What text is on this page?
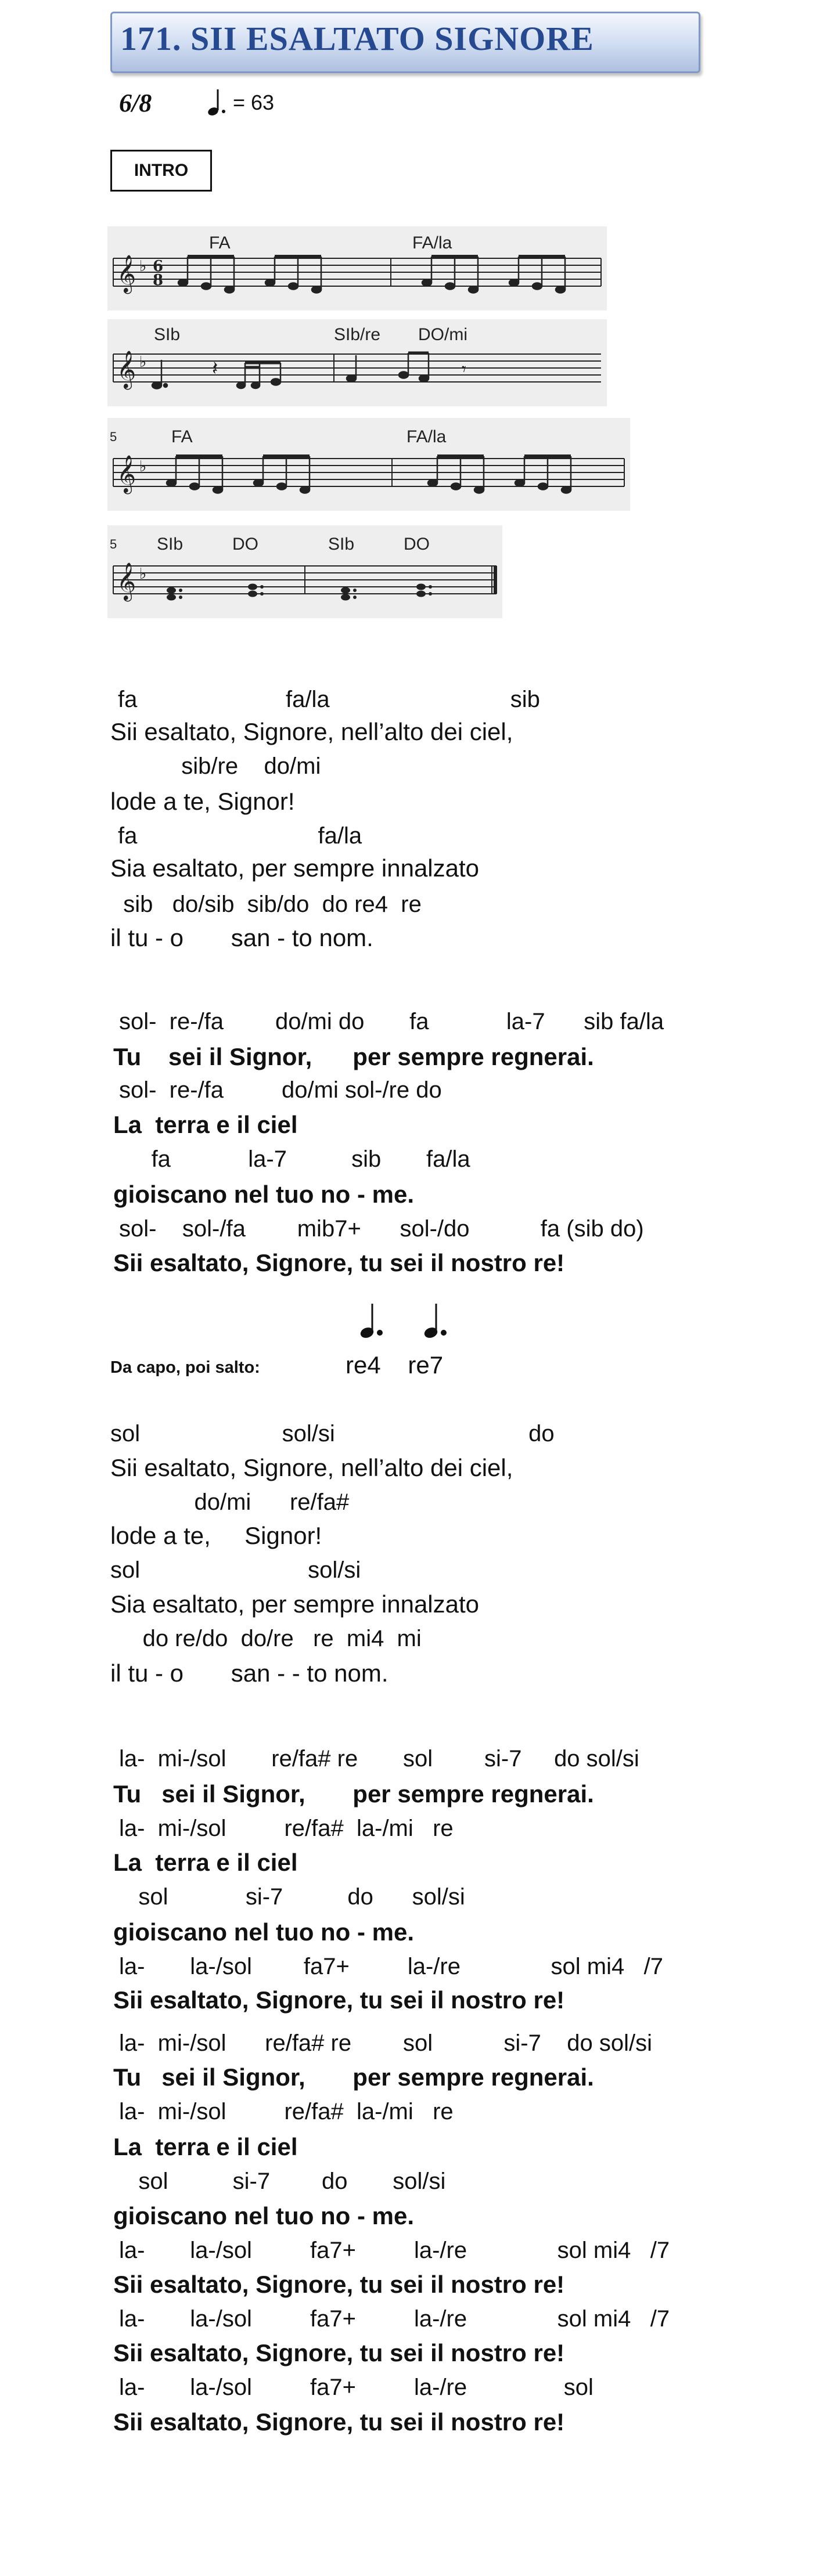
171. SII ESALTATO SIGNORE
6/8	= 63
INTRO
𝄞 ♭ 6
8
FA	FA/la
𝄞 ♭
SIb	SIb/re DO/mi
𝄽	𝄾
5
𝄞 ♭
FA	FA/la
5
𝄞 ♭
SIb	DO	SIb	DO
fa                       fa/la                            sib
Sii esaltato, Signore, nell’alto dei ciel,
sib/re    do/mi
lode a te, Signor!
fa                            fa/la
Sia esaltato, per sempre innalzato
sib   do/sib  sib/do  do re4  re
il tu - o       san - to nom.
sol-  re-/fa        do/mi do       fa            la-7      sib fa/la
Tu    sei il Signor,      per sempre regnerai.
sol-  re-/fa         do/mi sol-/re do
La  terra e il ciel
fa            la-7          sib       fa/la
gioiscano nel tuo no - me.
sol-    sol-/fa        mib7+      sol-/do           fa (sib do)
Sii esaltato, Signore, tu sei il nostro re!
Da capo, poi salto:	re4    re7
sol                      sol/si                              do
Sii esaltato, Signore, nell’alto dei ciel,
do/mi      re/fa#
lode a te,     Signor!
sol                          sol/si
Sia esaltato, per sempre innalzato
do re/do  do/re   re  mi4  mi
il tu - o       san - - to nom.
la-  mi-/sol       re/fa# re       sol        si-7     do sol/si
Tu   sei il Signor,       per sempre regnerai.
la-  mi-/sol         re/fa#  la-/mi   re
La  terra e il ciel
sol            si-7          do      sol/si
gioiscano nel tuo no - me.
la-       la-/sol        fa7+         la-/re              sol mi4   /7
Sii esaltato, Signore, tu sei il nostro re!
la-  mi-/sol      re/fa# re        sol           si-7    do sol/si
Tu   sei il Signor,       per sempre regnerai.
la-  mi-/sol         re/fa#  la-/mi   re
La  terra e il ciel
sol          si-7        do       sol/si
gioiscano nel tuo no - me.
la-       la-/sol         fa7+         la-/re              sol mi4   /7
Sii esaltato, Signore, tu sei il nostro re!
la-       la-/sol         fa7+         la-/re              sol mi4   /7
Sii esaltato, Signore, tu sei il nostro re!
la-       la-/sol         fa7+         la-/re               sol
Sii esaltato, Signore, tu sei il nostro re!
